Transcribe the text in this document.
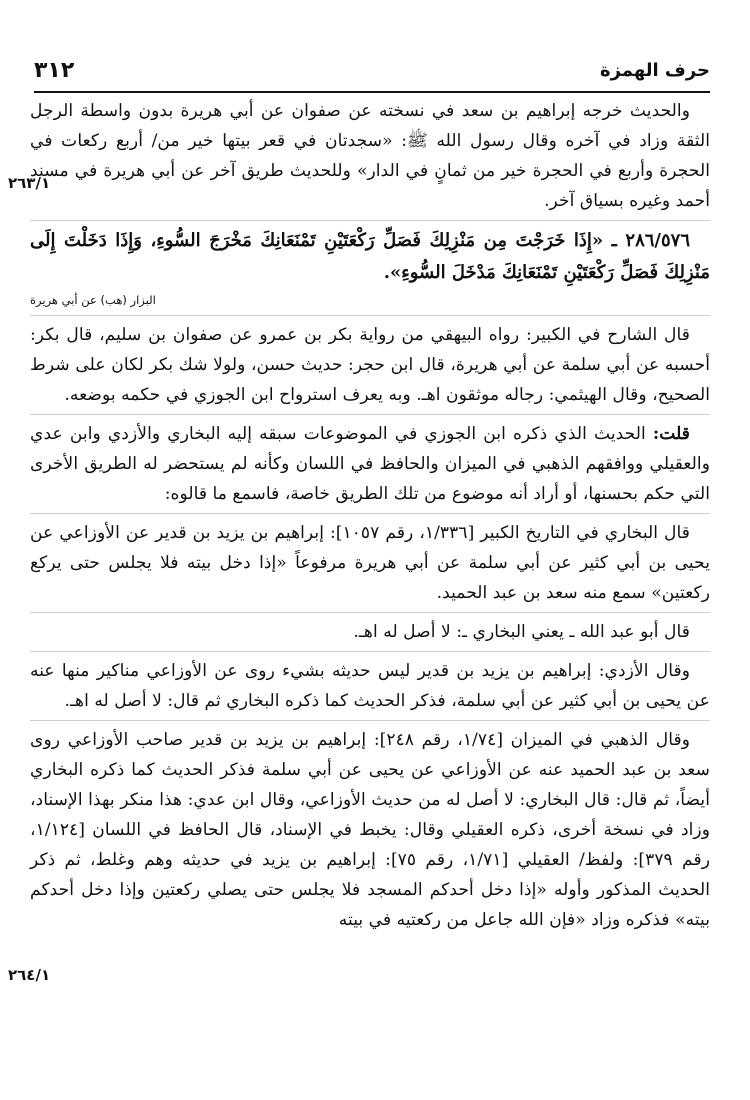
حرف الهمزة
٣١٢
٢٦٣/١
٢٦٤/١

والحديث خرجه إبراهيم بن سعد في نسخته عن صفوان عن أبي هريرة بدون واسطة الرجل الثقة وزاد في آخره وقال رسول الله ﷺ: «سجدتان في قعر بيتها خير من/ أربع ركعات في الحجرة وأربع في الحجرة خير من ثمانٍ في الدار» وللحديث طريق آخر عن أبي هريرة في مسند أحمد وغيره بسياق آخر.

٢٨٦/٥٧٦ ـ «إِذَا خَرَجْتَ مِن مَنْزِلِكَ فَصَلِّ رَكْعَتَيْنِ تَمْنَعَانِكَ مَخْرَجَ السُّوءِ، وَإِذَا دَخَلْتَ إِلَى مَنْزِلِكَ فَصَلِّ رَكْعَتَيْنِ تَمْنَعَانِكَ مَدْخَلَ السُّوءِ».

البزار (هب) عن أبي هريرة

قال الشارح في الكبير: رواه البيهقي من رواية بكر بن عمرو عن صفوان بن سليم، قال بكر: أحسبه عن أبي سلمة عن أبي هريرة، قال ابن حجر: حديث حسن، ولولا شك بكر لكان على شرط الصحيح، وقال الهيثمي: رجاله موثقون اهـ. وبه يعرف استرواح ابن الجوزي في حكمه بوضعه.

قلت: الحديث الذي ذكره ابن الجوزي في الموضوعات سبقه إليه البخاري والأزدي وابن عدي والعقيلي ووافقهم الذهبي في الميزان والحافظ في اللسان وكأنه لم يستحضر له الطريق الأخرى التي حكم بحسنها، أو أراد أنه موضوع من تلك الطريق خاصة، فاسمع ما قالوه:

قال البخاري في التاريخ الكبير [١/٣٣٦، رقم ١٠٥٧]: إبراهيم بن يزيد بن قدير عن الأوزاعي عن يحيى بن أبي كثير عن أبي سلمة عن أبي هريرة مرفوعاً «إذا دخل بيته فلا يجلس حتى يركع ركعتين» سمع منه سعد بن عبد الحميد.

قال أبو عبد الله ـ يعني البخاري ـ: لا أصل له اهـ.

وقال الأزدي: إبراهيم بن يزيد بن قدير ليس حديثه بشيء روى عن الأوزاعي مناكير منها عنه عن يحيى بن أبي كثير عن أبي سلمة، فذكر الحديث كما ذكره البخاري ثم قال: لا أصل له اهـ.

وقال الذهبي في الميزان [١/٧٤، رقم ٢٤٨]: إبراهيم بن يزيد بن قدير صاحب الأوزاعي روى سعد بن عبد الحميد عنه عن الأوزاعي عن يحيى عن أبي سلمة فذكر الحديث كما ذكره البخاري أيضاً، ثم قال: قال البخاري: لا أصل له من حديث الأوزاعي، وقال ابن عدي: هذا منكر بهذا الإسناد، وزاد في نسخة أخرى، ذكره العقيلي وقال: يخبط في الإسناد، قال الحافظ في اللسان [١/١٢٤، رقم ٣٧٩]: ولفظ/ العقيلي [١/٧١، رقم ٧٥]: إبراهيم بن يزيد في حديثه وهم وغلط، ثم ذكر الحديث المذكور وأوله «إذا دخل أحدكم المسجد فلا يجلس حتى يصلي ركعتين وإذا دخل أحدكم بيته» فذكره وزاد «فإن الله جاعل من ركعتيه في بيته
